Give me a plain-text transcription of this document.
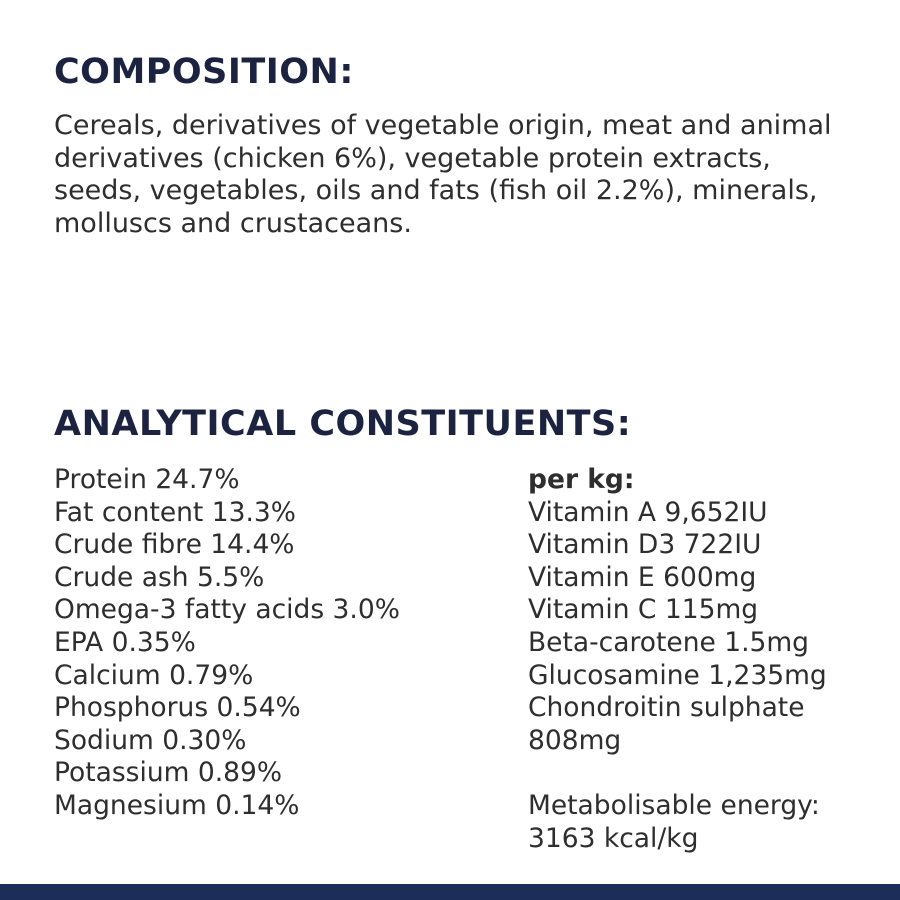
COMPOSITION:

Cereals, derivatives of vegetable origin, meat and animal derivatives (chicken 6%), vegetable protein extracts, seeds, vegetables, oils and fats (fish oil 2.2%), minerals, molluscs and crustaceans.

ANALYTICAL CONSTITUENTS:
Protein 24.7%
Fat content 13.3%
Crude fibre 14.4%
Crude ash 5.5%
Omega-3 fatty acids 3.0%
EPA 0.35%
Calcium 0.79%
Phosphorus 0.54%
Sodium 0.30%
Potassium 0.89%
Magnesium 0.14%
per kg:
Vitamin A 9,652IU
Vitamin D3 722IU
Vitamin E 600mg
Vitamin C 115mg
Beta-carotene 1.5mg
Glucosamine 1,235mg
Chondroitin sulphate 808mg
Metabolisable energy:
3163 kcal/kg
